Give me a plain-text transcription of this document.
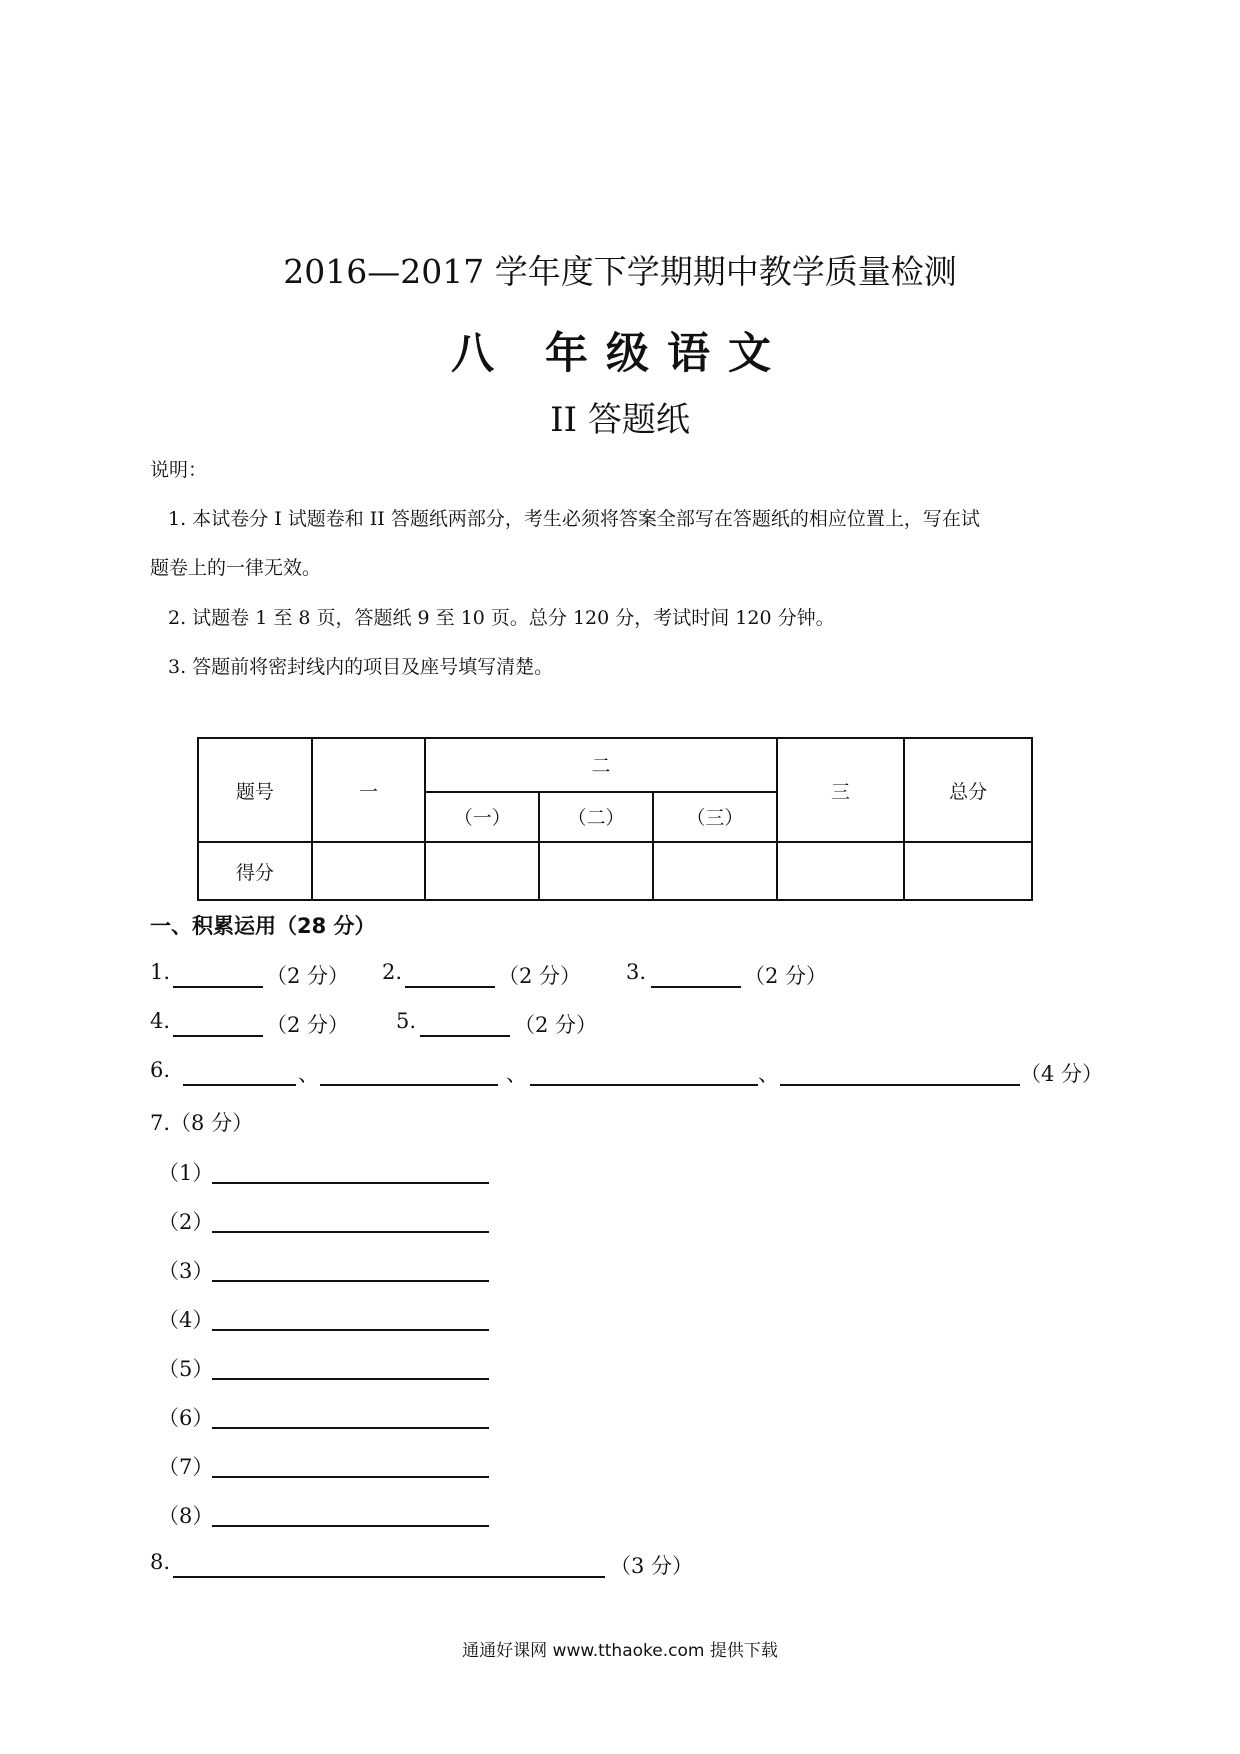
2016—2017 学年度下学期期中教学质量检测
八 年级语文
II 答题纸
说明：
1. 本试卷分 I 试题卷和 II 答题纸两部分，考生必须将答案全部写在答题纸的相应位置上，写在试
题卷上的一律无效。
2. 试题卷 1 至 8 页，答题纸 9 至 10 页。总分 120 分，考试时间 120 分钟。
3. 答题前将密封线内的项目及座号填写清楚。
题号	一	二			三	总分
		（一）	（二）	（三）		
得分						
一、积累运用（28 分）
1.	（2 分） 2.	（2 分） 3.	（2 分）
4.	（2 分） 5.	（2 分）
6.	、	、	、	（4 分）
7.（8 分）
（1）
（2）
（3）
（4）
（5）
（6）
（7）
（8）
8.	（3 分）
通通好课网 www.tthaoke.com 提供下载
